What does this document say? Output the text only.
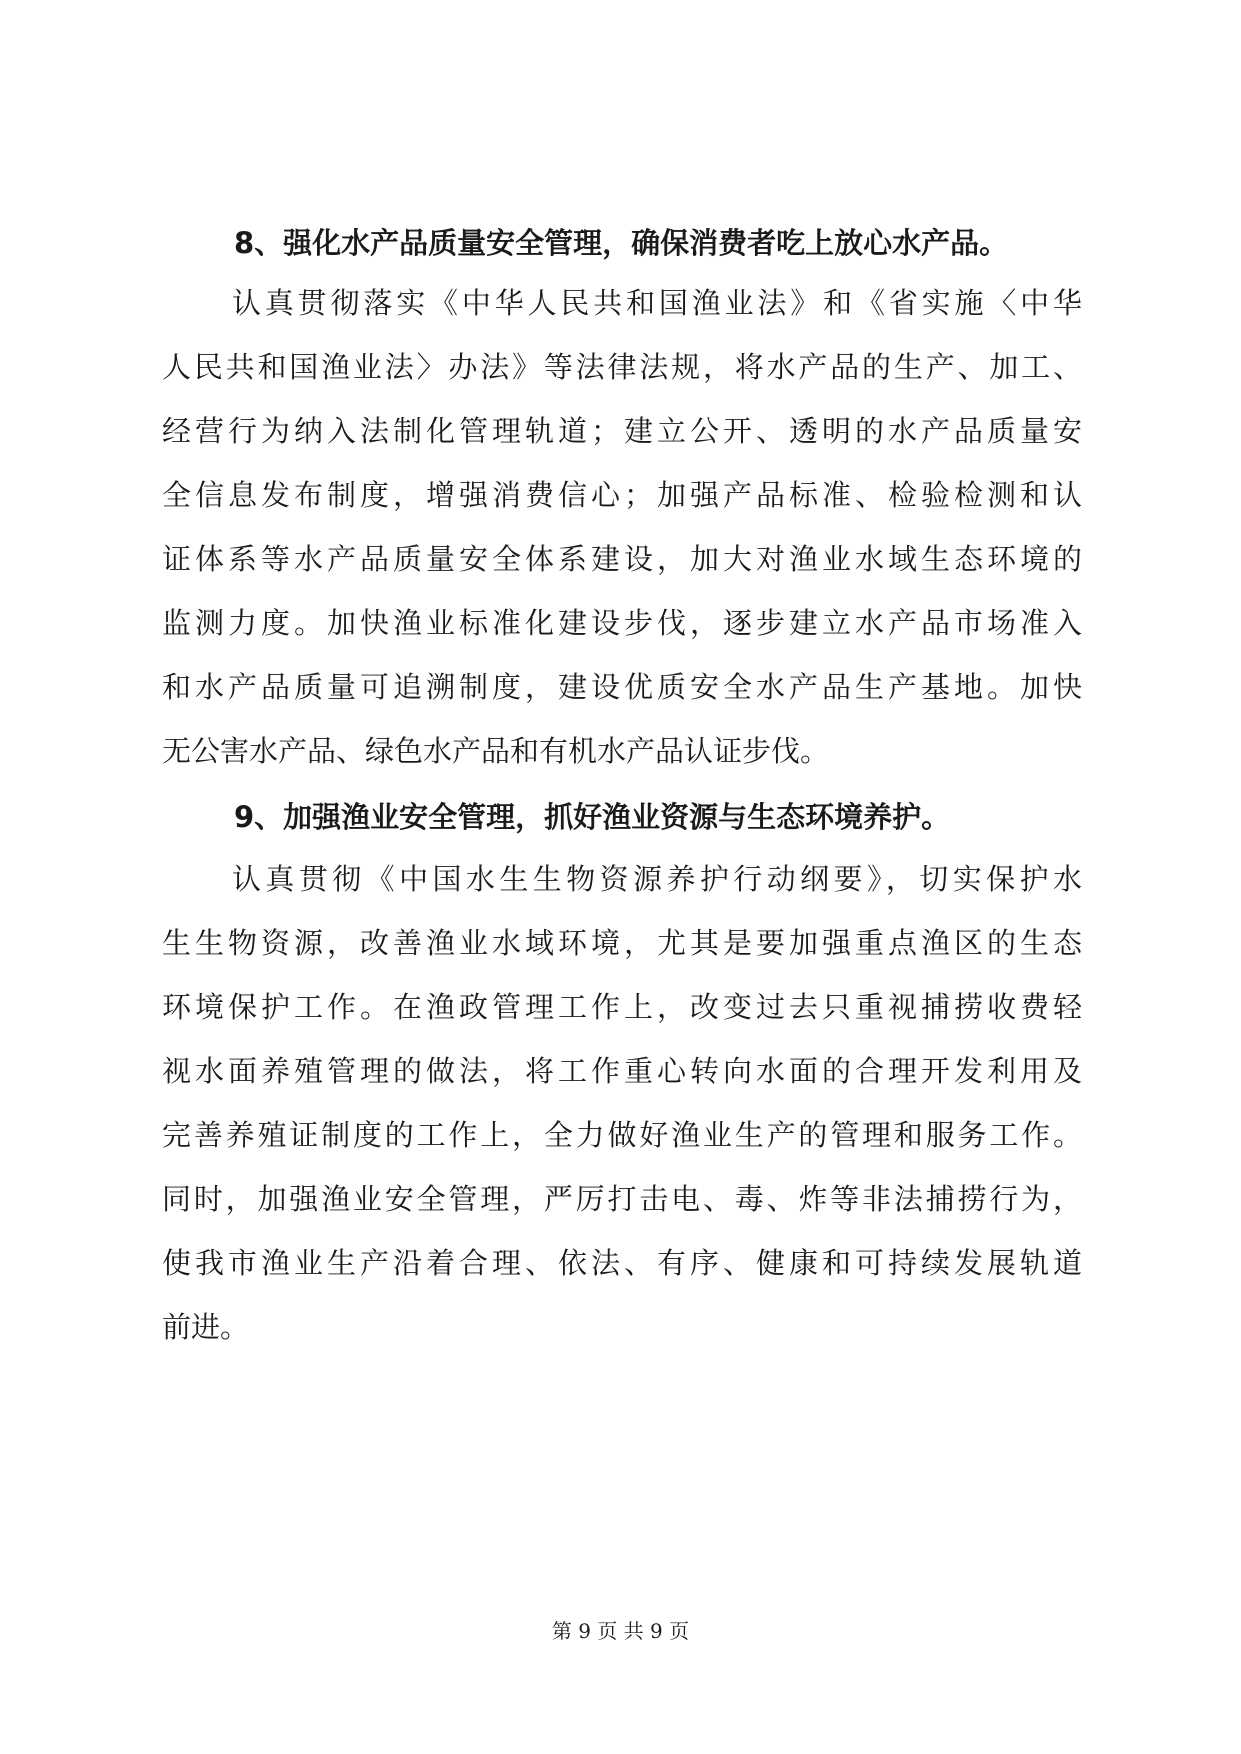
8、强化水产品质量安全管理，确保消费者吃上放心水产品。

认真贯彻落实《中华人民共和国渔业法》和《省实施〈中华
人民共和国渔业法〉办法》等法律法规，将水产品的生产、加工、
经营行为纳入法制化管理轨道；建立公开、透明的水产品质量安
全信息发布制度，增强消费信心；加强产品标准、检验检测和认
证体系等水产品质量安全体系建设，加大对渔业水域生态环境的
监测力度。加快渔业标准化建设步伐，逐步建立水产品市场准入
和水产品质量可追溯制度，建设优质安全水产品生产基地。加快
无公害水产品、绿色水产品和有机水产品认证步伐。

9、加强渔业安全管理，抓好渔业资源与生态环境养护。

认真贯彻《中国水生生物资源养护行动纲要》，切实保护水
生生物资源，改善渔业水域环境，尤其是要加强重点渔区的生态
环境保护工作。在渔政管理工作上，改变过去只重视捕捞收费轻
视水面养殖管理的做法，将工作重心转向水面的合理开发利用及
完善养殖证制度的工作上，全力做好渔业生产的管理和服务工作。
同时，加强渔业安全管理，严厉打击电、毒、炸等非法捕捞行为，
使我市渔业生产沿着合理、依法、有序、健康和可持续发展轨道
前进。
第 9 页 共 9 页
